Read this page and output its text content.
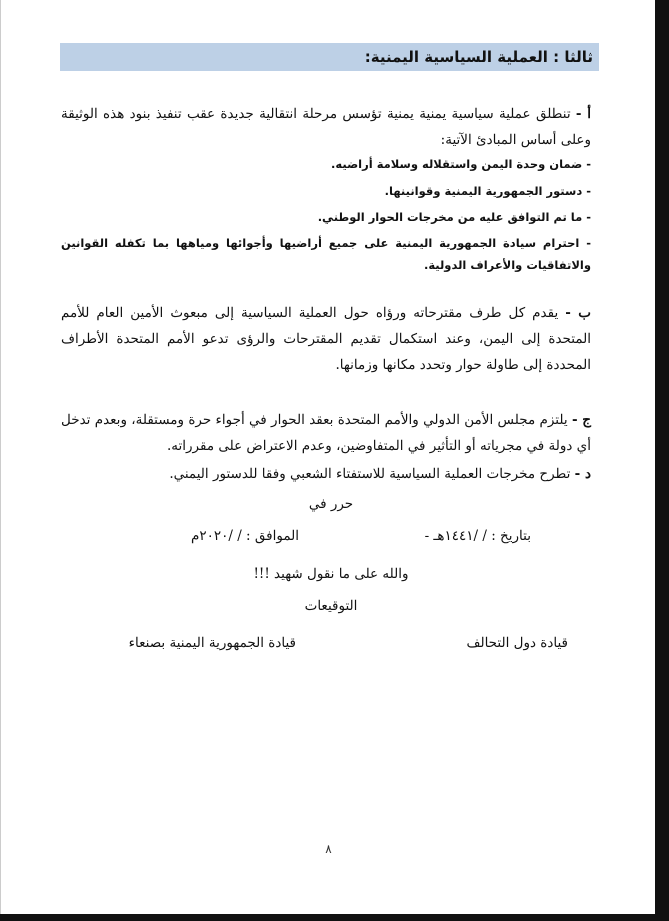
ثالثا : العملية السياسية اليمنية:
أ - تنطلق عملية سياسية يمنية يمنية تؤسس مرحلة انتقالية جديدة عقب تنفيذ بنود هذه الوثيقة وعلى أساس المبادئ الآتية:
- ضمان وحدة اليمن واستقلاله وسلامة أراضيه.
- دستور الجمهورية اليمنية وقوانينها.
- ما تم التوافق عليه من مخرجات الحوار الوطني.
- احترام سيادة الجمهورية اليمنية على جميع أراضيها وأجوائها ومياهها بما تكفله القوانين والاتفاقيات والأعراف الدولية.
ب - يقدم كل طرف مقترحاته ورؤاه حول العملية السياسية إلى مبعوث الأمين العام للأمم المتحدة إلى اليمن، وعند استكمال تقديم المقترحات والرؤى تدعو الأمم المتحدة الأطراف المحددة إلى طاولة حوار وتحدد مكانها وزمانها.
ج - يلتزم مجلس الأمن الدولي والأمم المتحدة بعقد الحوار في أجواء حرة ومستقلة، وبعدم تدخل أي دولة في مجرياته أو التأثير في المتفاوضين، وعدم الاعتراض على مقرراته.
د - تطرح مخرجات العملية السياسية للاستفتاء الشعبي وفقا للدستور اليمني.
حرر في
بتاريخ : / /١٤٤١هـ -
الموافق : / /٢٠٢٠م
والله على ما نقول شهيد !!!
التوقيعات
قيادة دول التحالف
قيادة الجمهورية اليمنية بصنعاء
٨
